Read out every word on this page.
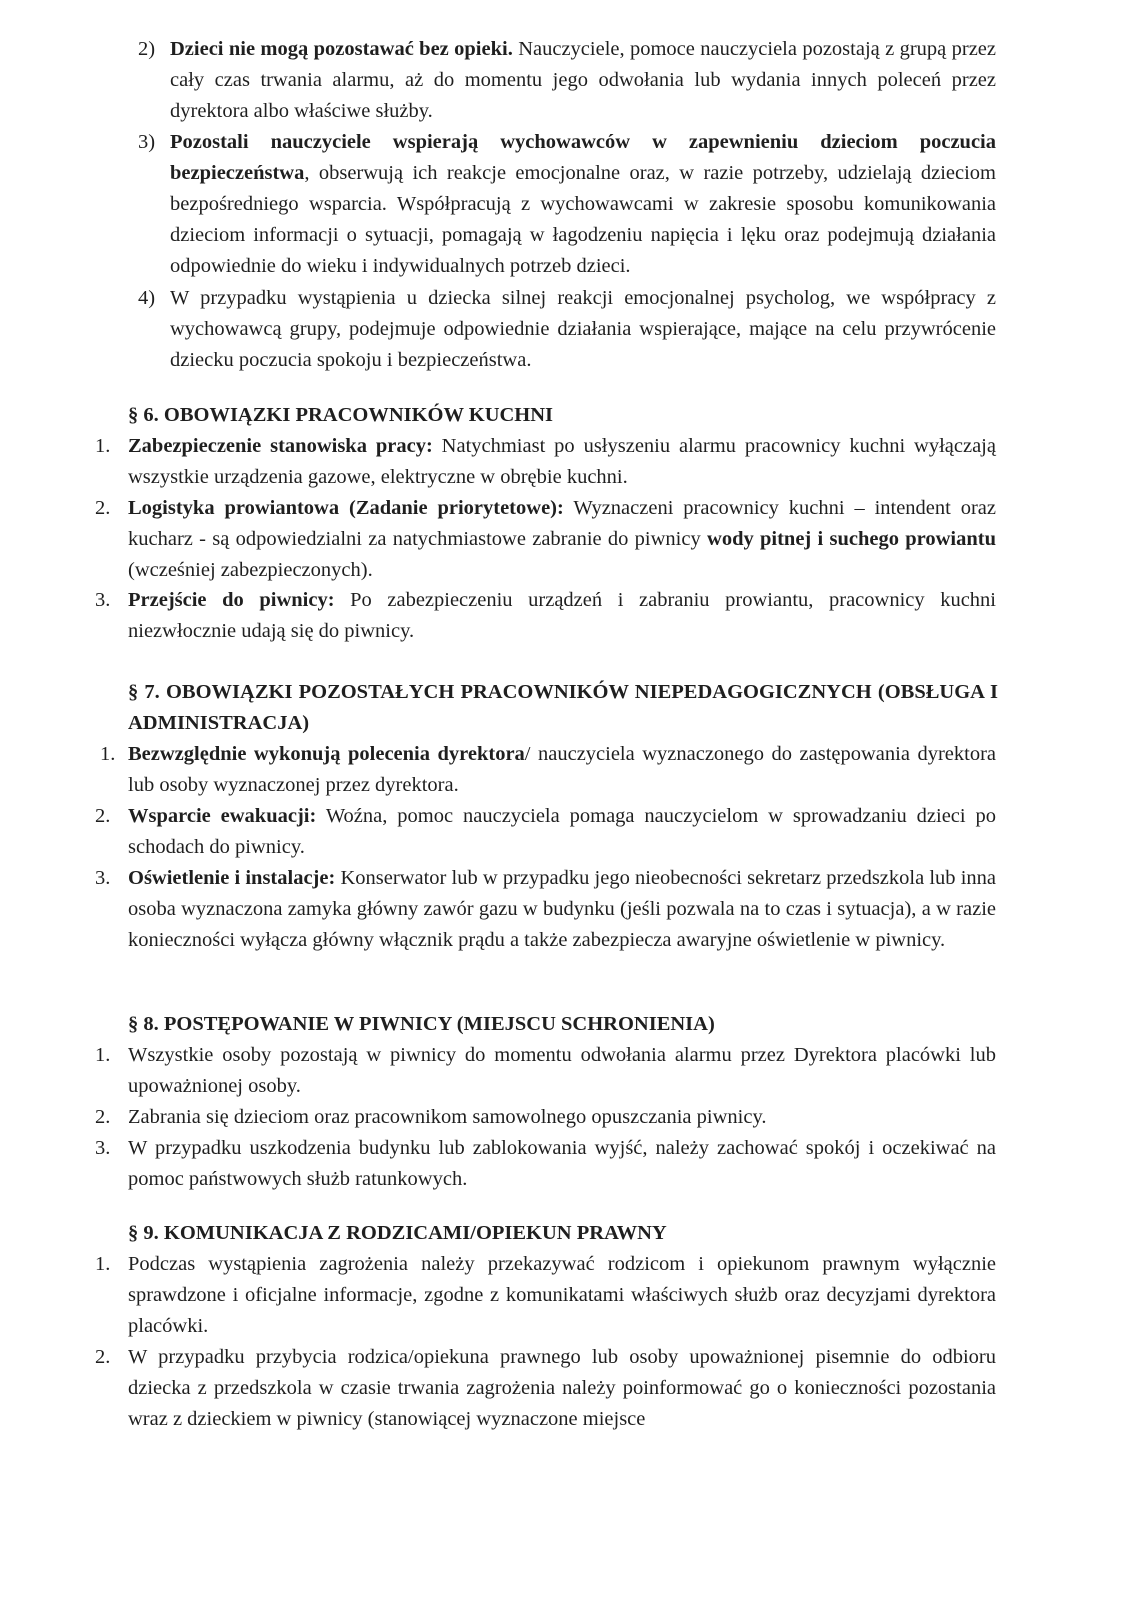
2) Dzieci nie mogą pozostawać bez opieki. Nauczyciele, pomoce nauczyciela pozostają z grupą przez cały czas trwania alarmu, aż do momentu jego odwołania lub wydania innych poleceń przez dyrektora albo właściwe służby.
3) Pozostali nauczyciele wspierają wychowawców w zapewnieniu dzieciom poczucia bezpieczeństwa, obserwują ich reakcje emocjonalne oraz, w razie potrzeby, udzielają dzieciom bezpośredniego wsparcia. Współpracują z wychowawcami w zakresie sposobu komunikowania dzieciom informacji o sytuacji, pomagają w łagodzeniu napięcia i lęku oraz podejmują działania odpowiednie do wieku i indywidualnych potrzeb dzieci.
4) W przypadku wystąpienia u dziecka silnej reakcji emocjonalnej psycholog, we współpracy z wychowawcą grupy, podejmuje odpowiednie działania wspierające, mające na celu przywrócenie dziecku poczucia spokoju i bezpieczeństwa.
§ 6. OBOWIĄZKI PRACOWNIKÓW KUCHNI
1. Zabezpieczenie stanowiska pracy: Natychmiast po usłyszeniu alarmu pracownicy kuchni wyłączają wszystkie urządzenia gazowe, elektryczne w obrębie kuchni.
2. Logistyka prowiantowa (Zadanie priorytetowe): Wyznaczeni pracownicy kuchni – intendent oraz kucharz - są odpowiedzialni za natychmiastowe zabranie do piwnicy wody pitnej i suchego prowiantu (wcześniej zabezpieczonych).
3. Przejście do piwnicy: Po zabezpieczeniu urządzeń i zabraniu prowiantu, pracownicy kuchni niezwłocznie udają się do piwnicy.
§ 7. OBOWIĄZKI POZOSTAŁYCH PRACOWNIKÓW NIEPEDAGOGICZNYCH (OBSŁUGA I ADMINISTRACJA)
1. Bezwzględnie wykonują polecenia dyrektora/ nauczyciela wyznaczonego do zastępowania dyrektora lub osoby wyznaczonej przez dyrektora.
2. Wsparcie ewakuacji: Woźna, pomoc nauczyciela pomaga nauczycielom w sprowadzaniu dzieci po schodach do piwnicy.
3. Oświetlenie i instalacje: Konserwator lub w przypadku jego nieobecności sekretarz przedszkola lub inna osoba wyznaczona zamyka główny zawór gazu w budynku (jeśli pozwala na to czas i sytuacja), a w razie konieczności wyłącza główny włącznik prądu a także zabezpiecza awaryjne oświetlenie w piwnicy.
§ 8. POSTĘPOWANIE W PIWNICY (MIEJSCU SCHRONIENIA)
1. Wszystkie osoby pozostają w piwnicy do momentu odwołania alarmu przez Dyrektora placówki lub upoważnionej osoby.
2. Zabrania się dzieciom oraz pracownikom samowolnego opuszczania piwnicy.
3. W przypadku uszkodzenia budynku lub zablokowania wyjść, należy zachować spokój i oczekiwać na pomoc państwowych służb ratunkowych.
§ 9. KOMUNIKACJA Z RODZICAMI/OPIEKUN PRAWNY
1. Podczas wystąpienia zagrożenia należy przekazywać rodzicom i opiekunom prawnym wyłącznie sprawdzone i oficjalne informacje, zgodne z komunikatami właściwych służb oraz decyzjami dyrektora placówki.
2. W przypadku przybycia rodzica/opiekuna prawnego lub osoby upoważnionej pisemnie do odbioru dziecka z przedszkola w czasie trwania zagrożenia należy poinformować go o konieczności pozostania wraz z dzieckiem w piwnicy (stanowiącej wyznaczone miejsce
